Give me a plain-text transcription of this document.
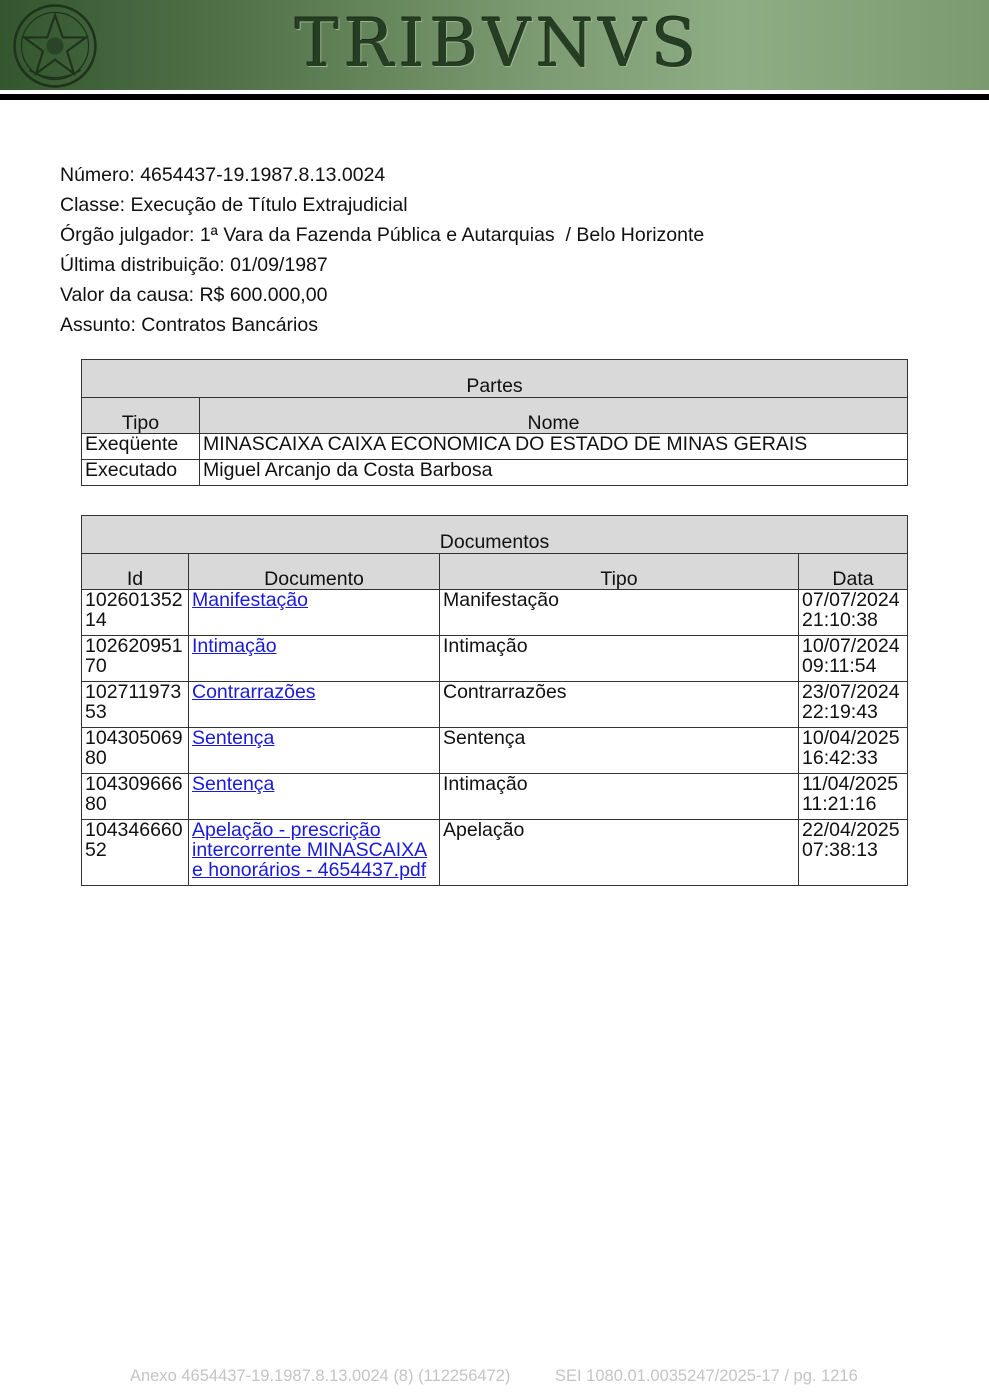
TRIBVNVS
Número: 4654437-19.1987.8.13.0024
Classe: Execução de Título Extrajudicial
Órgão julgador: 1ª Vara da Fazenda Pública e Autarquias  / Belo Horizonte
Última distribuição: 01/09/1987
Valor da causa: R$ 600.000,00
Assunto: Contratos Bancários
Partes	
Tipo	Nome
Exeqüente	MINASCAIXA CAIXA ECONOMICA DO ESTADO DE MINAS GERAIS
Executado	Miguel Arcanjo da Costa Barbosa
Documentos			
Id	Documento	Tipo	Data
10260135214	Manifestação	Manifestação	07/07/2024 21:10:38
10262095170	Intimação	Intimação	10/07/2024 09:11:54
10271197353	Contrarrazões	Contrarrazões	23/07/2024 22:19:43
10430506980	Sentença	Sentença	10/04/2025 16:42:33
10430966680	Sentença	Intimação	11/04/2025 11:21:16
10434666052	Apelação - prescrição intercorrente MINASCAIXA e honorários - 4654437.pdf	Apelação	22/04/2025 07:38:13
Anexo 4654437-19.1987.8.13.0024 (8) (112256472)	SEI 1080.01.0035247/2025-17 / pg. 1216
